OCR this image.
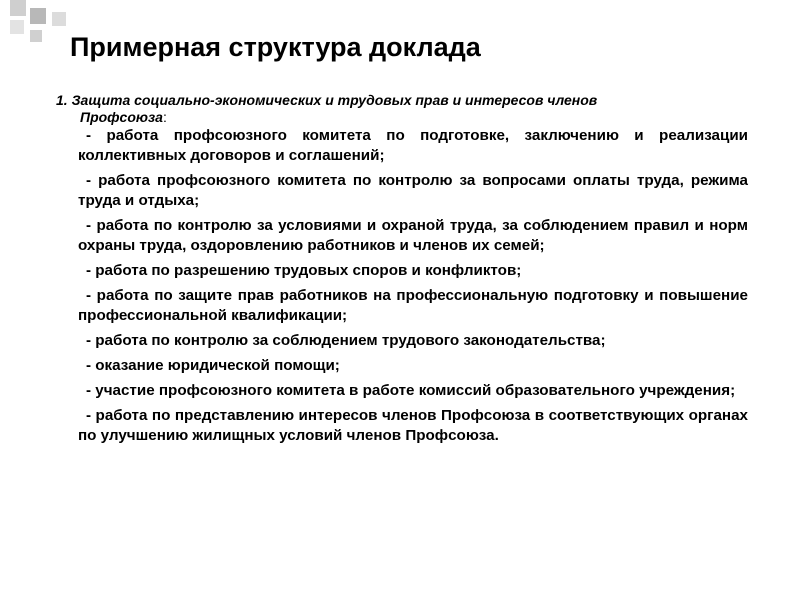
Примерная структура доклада
1. Защита социально-экономических и трудовых прав и интересов членов
Профсоюза:

- работа профсоюзного комитета по подготовке, заключению и реализации коллективных договоров и соглашений;

- работа профсоюзного комитета по контролю за вопросами оплаты труда, режима труда и отдыха;

- работа по контролю за условиями и охраной труда, за соблюдением правил и норм охраны труда, оздоровлению работников и членов их семей;

- работа по разрешению трудовых споров и конфликтов;

- работа по защите прав работников на профессиональную подготовку и повышение профессиональной квалификации;

- работа по контролю за соблюдением трудового законодательства;

- оказание юридической помощи;

- участие профсоюзного комитета в работе комиссий образовательного учреждения;

- работа по представлению интересов членов Профсоюза в соответствующих органах по улучшению жилищных условий членов Профсоюза.
